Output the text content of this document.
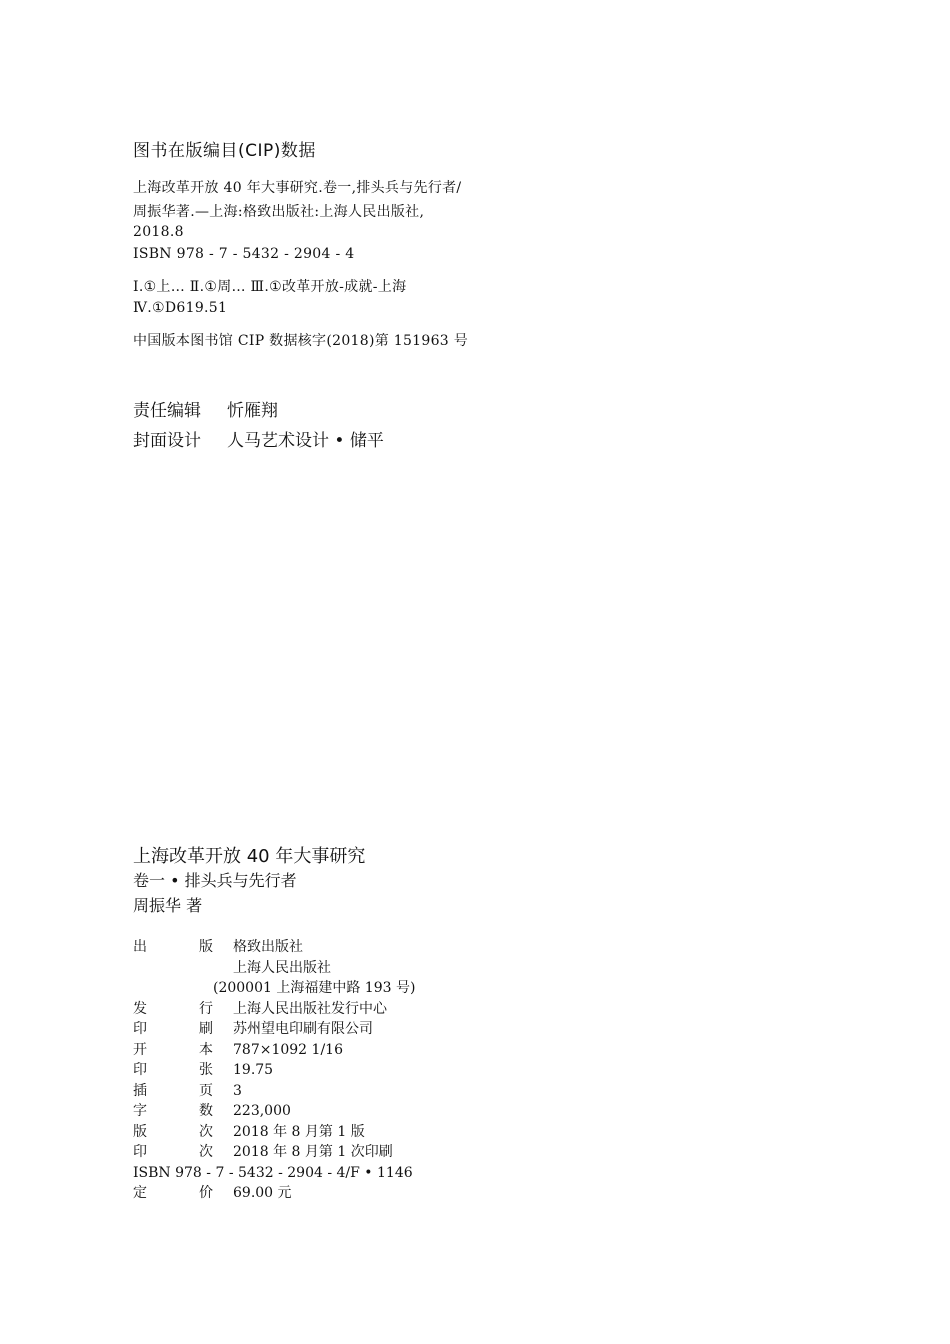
图书在版编目(CIP)数据
上海改革开放 40 年大事研究.卷一,排头兵与先行者/
周振华著.—上海:格致出版社:上海人民出版社,
2018.8
ISBN 978 - 7 - 5432 - 2904 - 4
Ⅰ.①上… Ⅱ.①周… Ⅲ.①改革开放-成就-上海
Ⅳ.①D619.51
中国版本图书馆 CIP 数据核字(2018)第 151963 号
责任编辑 忻雁翔
封面设计 人马艺术设计 • 储平
上海改革开放 40 年大事研究
卷一 • 排头兵与先行者
周振华 著
出	版 格致出版社
上海人民出版社
(200001 上海福建中路 193 号)
发	行 上海人民出版社发行中心
印	刷 苏州望电印刷有限公司
开	本 787×1092 1/16
印	张 19.75
插	页 3
字	数 223,000
版	次 2018 年 8 月第 1 版
印	次 2018 年 8 月第 1 次印刷
ISBN 978 - 7 - 5432 - 2904 - 4/F • 1146
定	价 69.00 元
